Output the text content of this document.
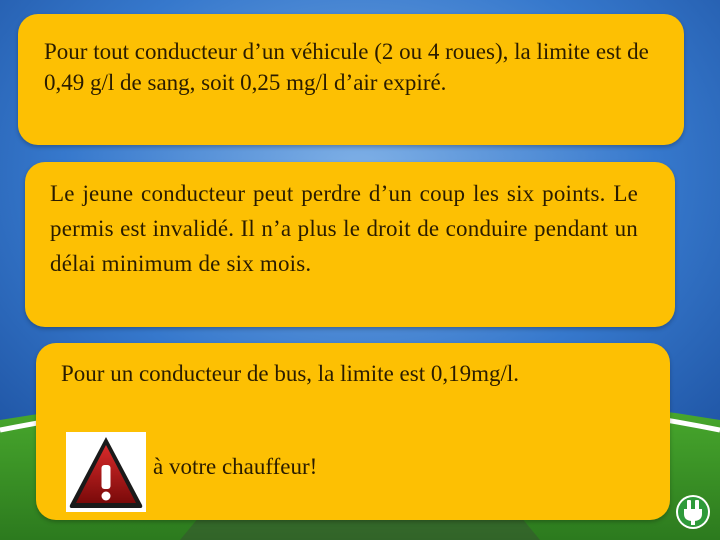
Pour tout conducteur d’un véhicule (2 ou 4 roues), la limite est de 0,49 g/l de sang, soit 0,25 mg/l d’air expiré.

Le jeune conducteur peut perdre d’un coup les six points. Le permis est invalidé. Il n’a plus le droit de conduire pendant un délai minimum de six mois.

Pour un conducteur de bus, la limite est 0,19mg/l.

à votre chauffeur!
